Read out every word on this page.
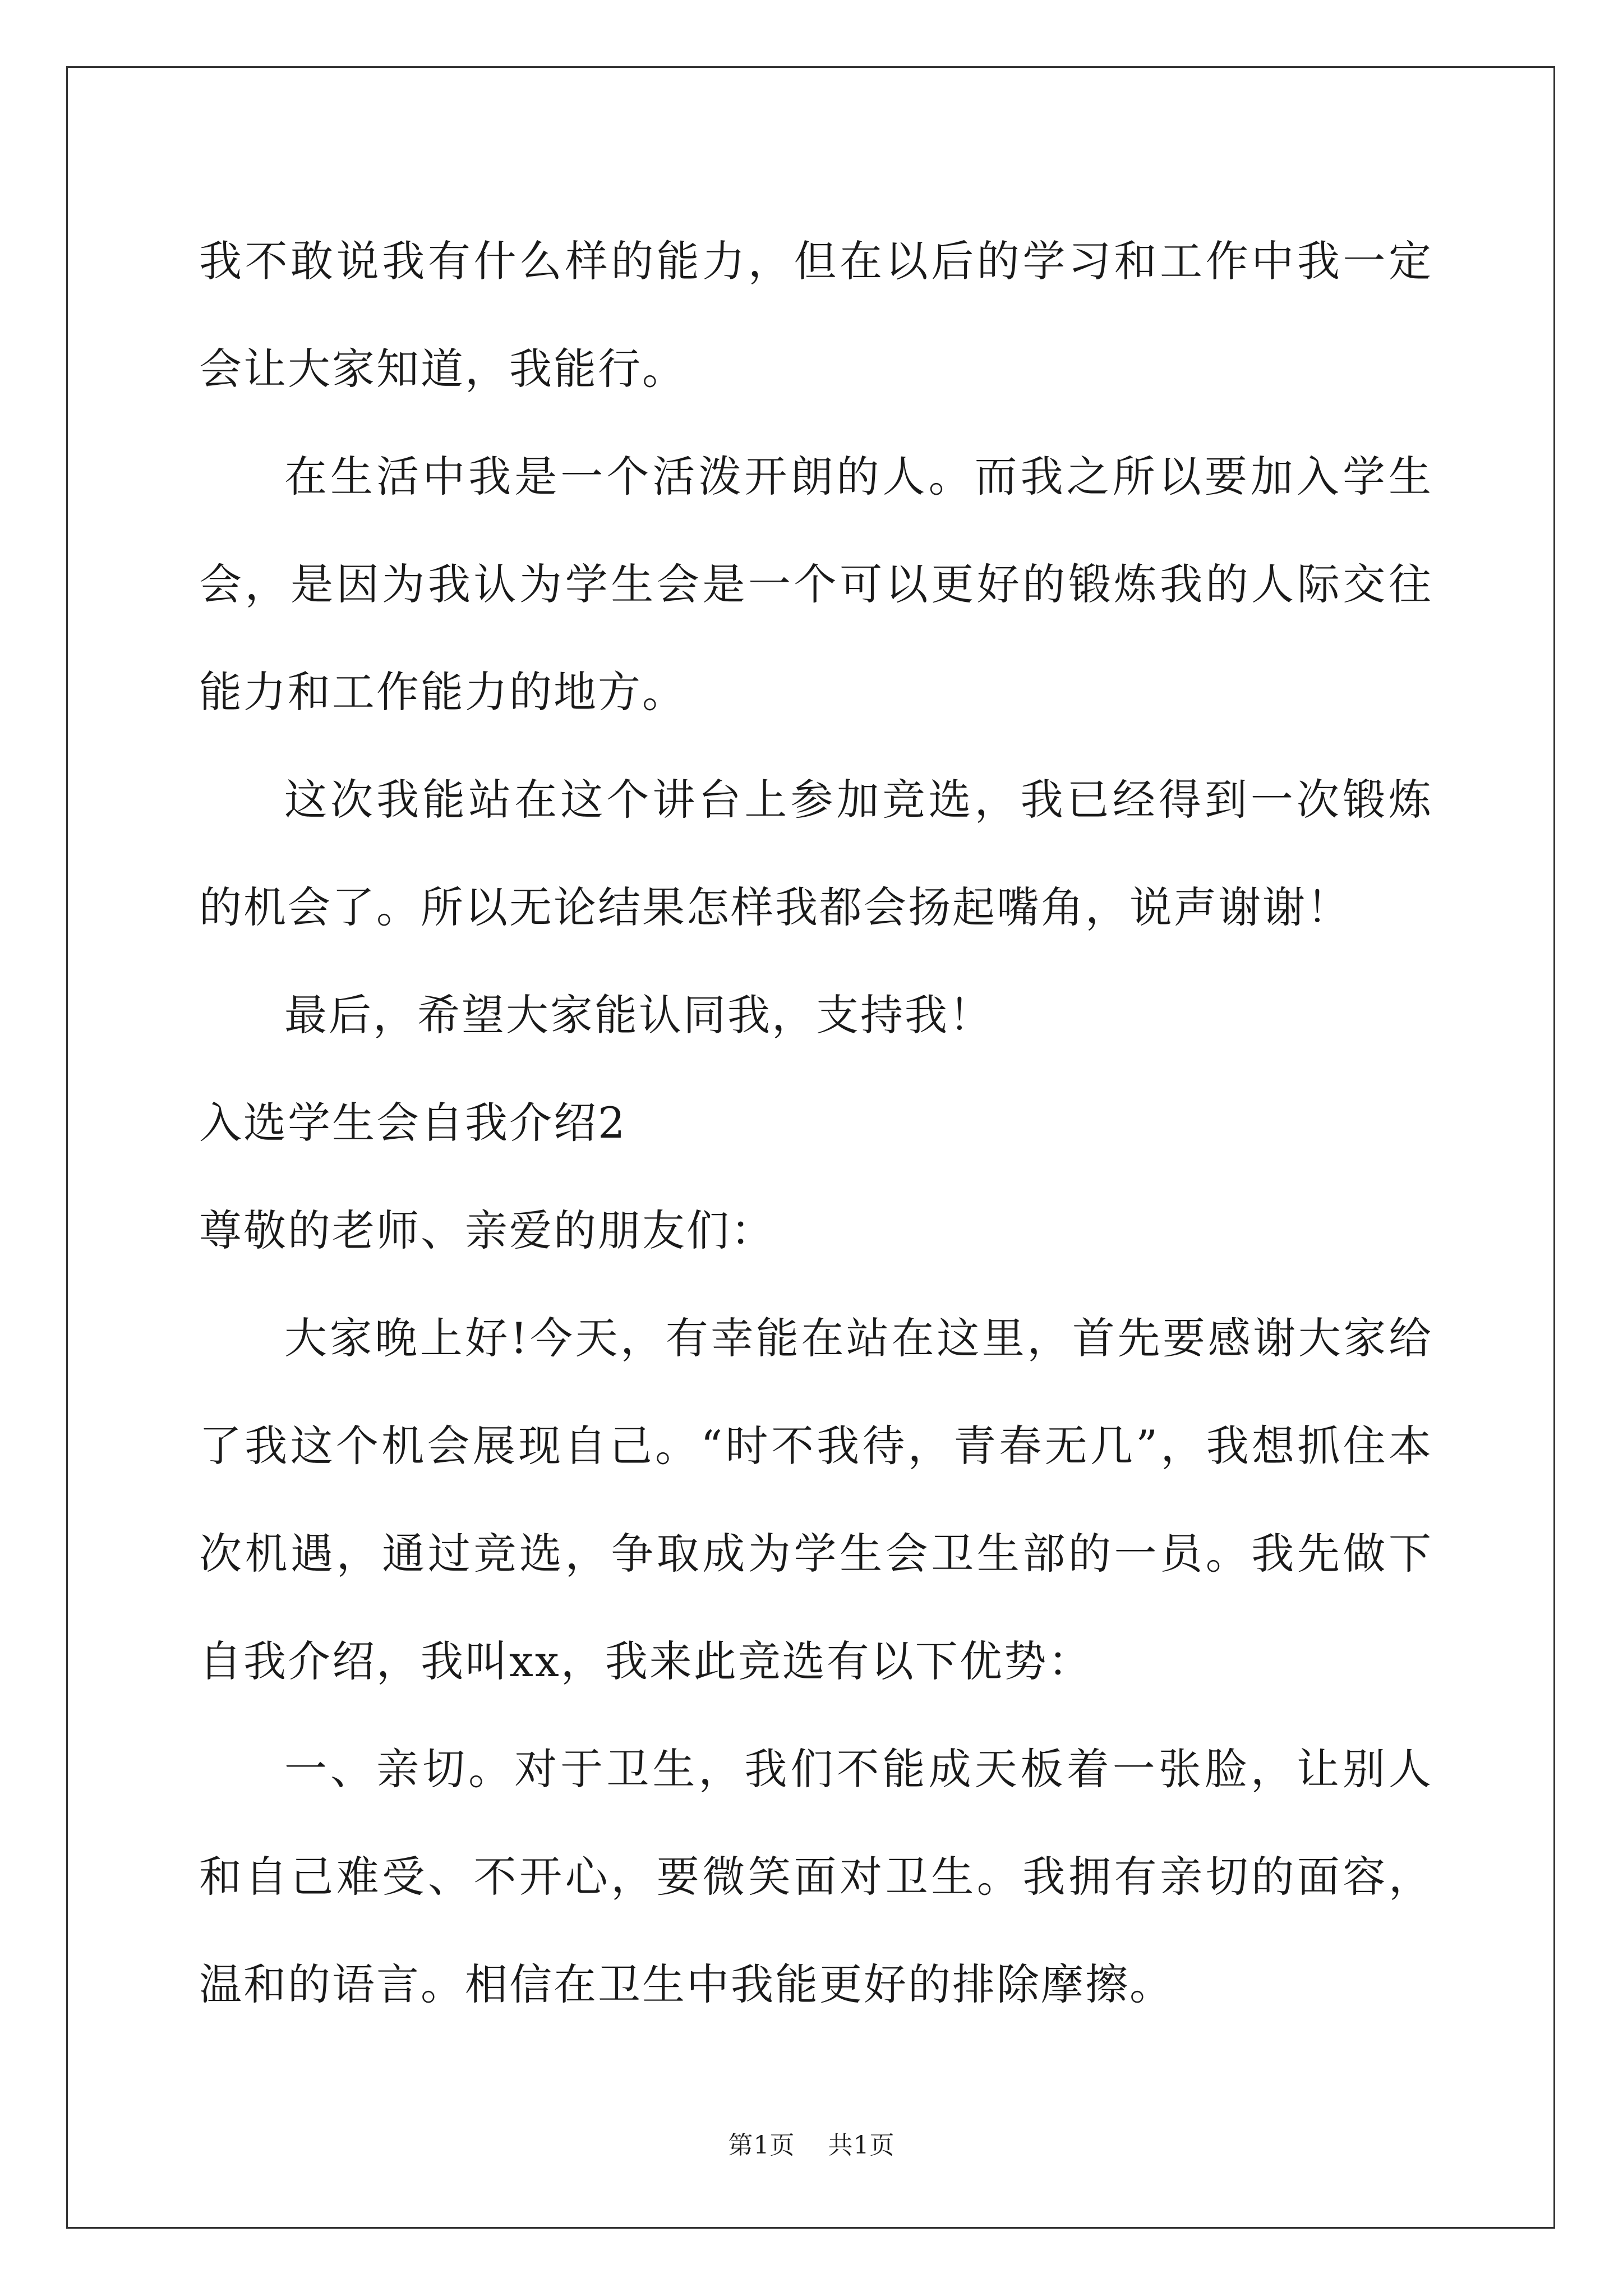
我不敢说我有什么样的能力，但在以后的学习和工作中我一定会让大家知道，我能行。

在生活中我是一个活泼开朗的人。而我之所以要加入学生会，是因为我认为学生会是一个可以更好的锻炼我的人际交往能力和工作能力的地方。

这次我能站在这个讲台上参加竞选，我已经得到一次锻炼的机会了。所以无论结果怎样我都会扬起嘴角，说声谢谢！

最后，希望大家能认同我，支持我！

入选学生会自我介绍2

尊敬的老师、亲爱的朋友们：

大家晚上好!今天，有幸能在站在这里，首先要感谢大家给了我这个机会展现自己。“时不我待，青春无几”，我想抓住本次机遇，通过竞选，争取成为学生会卫生部的一员。我先做下自我介绍，我叫xx，我来此竞选有以下优势：

一、亲切。对于卫生，我们不能成天板着一张脸，让别人和自己难受、不开心，要微笑面对卫生。我拥有亲切的面容，温和的语言。相信在卫生中我能更好的排除摩擦。

第1页 共1页
